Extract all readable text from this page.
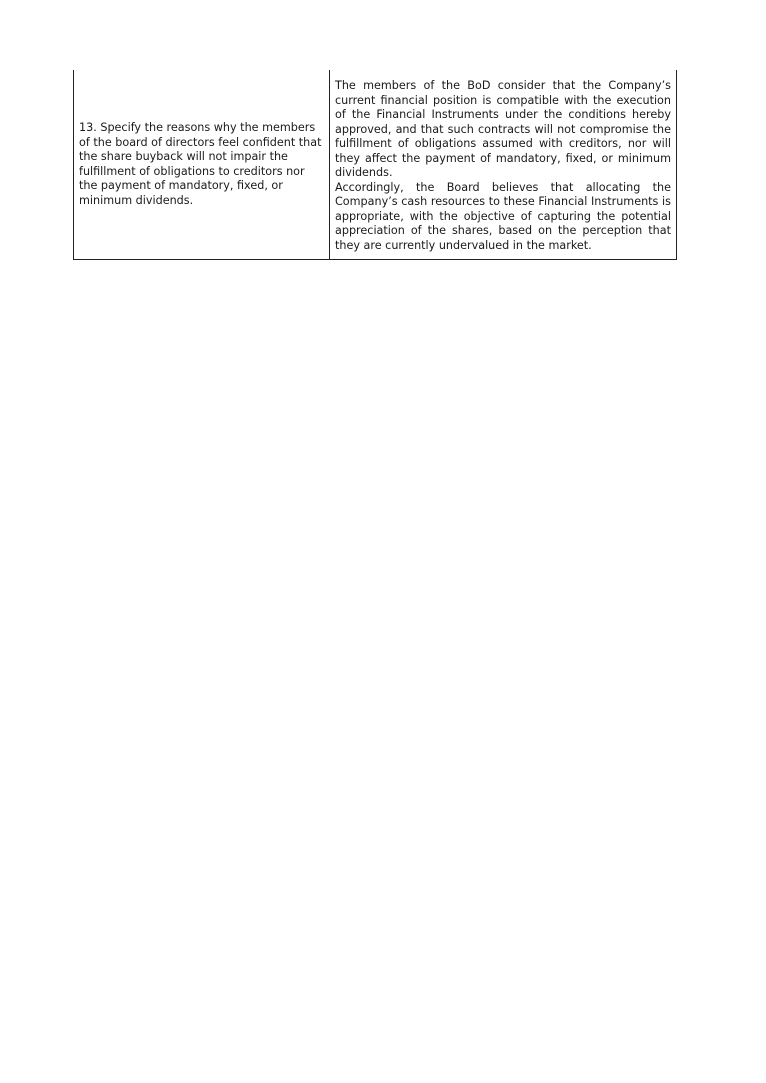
13. Specify the reasons why the members of the board of directors feel confident that the share buyback will not impair the fulfillment of obligations to creditors nor the payment of mandatory, fixed, or minimum dividends.

The members of the BoD consider that the Company’s current financial position is compatible with the execution of the Financial Instruments under the conditions hereby approved, and that such contracts will not compromise the fulfillment of obligations assumed with creditors, nor will they affect the payment of mandatory, fixed, or minimum dividends.

Accordingly, the Board believes that allocating the Company’s cash resources to these Financial Instruments is appropriate, with the objective of capturing the potential appreciation of the shares, based on the perception that they are currently undervalued in the market.
